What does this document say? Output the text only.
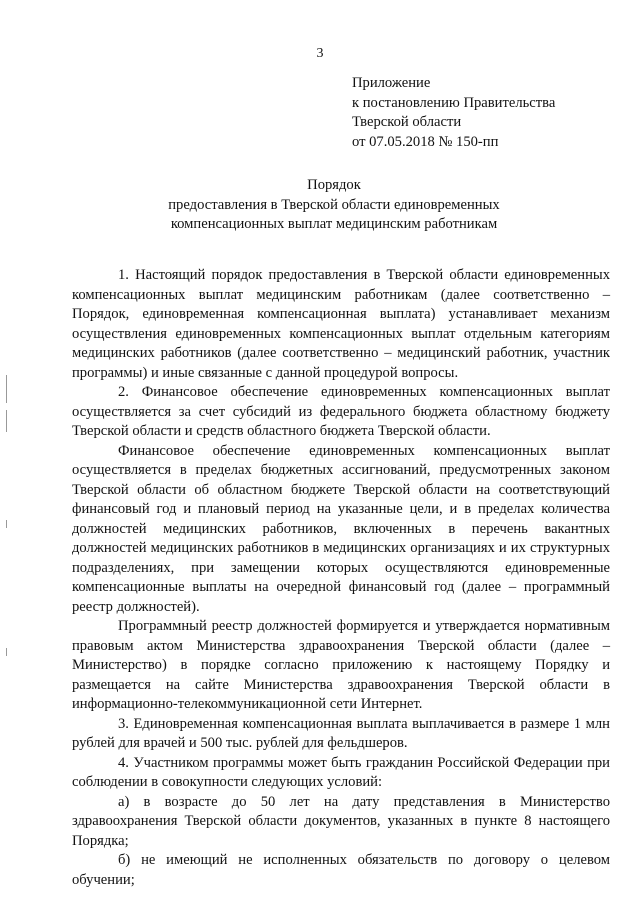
3
Приложение
к постановлению Правительства
Тверской области
от 07.05.2018 № 150-пп
Порядок
предоставления в Тверской области единовременных
компенсационных выплат медицинским работникам

1. Настоящий порядок предоставления в Тверской области единовременных компенсационных выплат медицинским работникам (далее соответственно – Порядок, единовременная компенсационная выплата) устанавливает механизм осуществления единовременных компенсационных выплат отдельным категориям медицинских работников (далее соответственно – медицинский работник, участник программы) и иные связанные с данной процедурой вопросы.

2. Финансовое обеспечение единовременных компенсационных выплат осуществляется за счет субсидий из федерального бюджета областному бюджету Тверской области и средств областного бюджета Тверской области.

Финансовое обеспечение единовременных компенсационных выплат осуществляется в пределах бюджетных ассигнований, предусмотренных законом Тверской области об областном бюджете Тверской области на соответствующий финансовый год и плановый период на указанные цели, и в пределах количества должностей медицинских работников, включенных в перечень вакантных должностей медицинских работников в медицинских организациях и их структурных подразделениях, при замещении которых осуществляются единовременные компенсационные выплаты на очередной финансовый год (далее – программный реестр должностей).

Программный реестр должностей формируется и утверждается нормативным правовым актом Министерства здравоохранения Тверской области (далее – Министерство) в порядке согласно приложению к настоящему Порядку и размещается на сайте Министерства здравоохранения Тверской области в информационно-телекоммуникационной сети Интернет.

3. Единовременная компенсационная выплата выплачивается в размере 1 млн рублей для врачей и 500 тыс. рублей для фельдшеров.

4. Участником программы может быть гражданин Российской Федерации при соблюдении в совокупности следующих условий:

а) в возрасте до 50 лет на дату представления в Министерство здравоохранения Тверской области документов, указанных в пункте 8 настоящего Порядка;

б) не имеющий не исполненных обязательств по договору о целевом обучении;
